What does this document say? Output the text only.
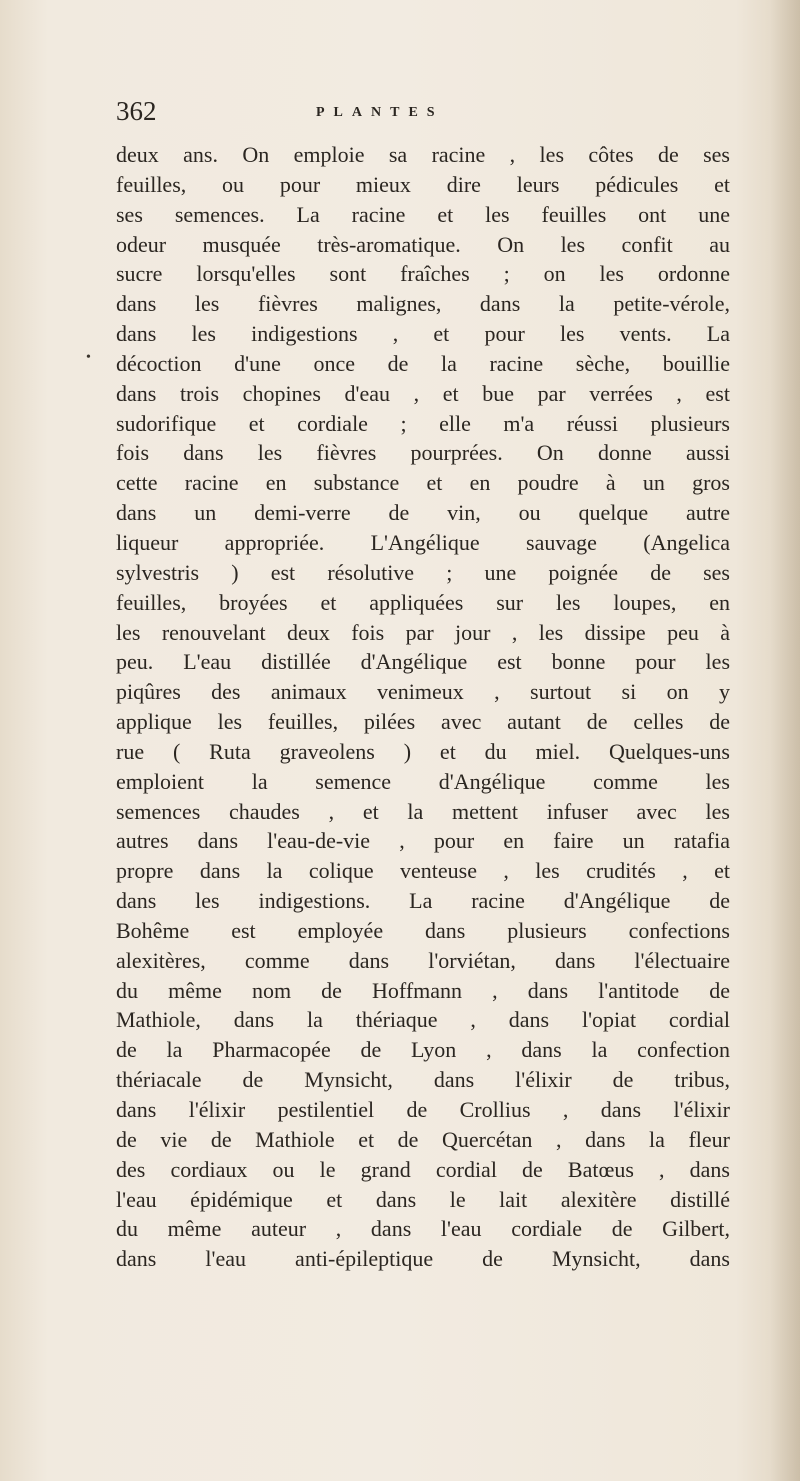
362	PLANTES
•
deux ans. On emploie sa racine , les côtes de ses
feuilles, ou pour mieux dire leurs pédicules et
ses semences. La racine et les feuilles ont une
odeur musquée très-aromatique. On les confit au
sucre lorsqu'elles sont fraîches ; on les ordonne
dans les fièvres malignes, dans la petite-vérole,
dans les indigestions , et pour les vents. La
décoction d'une once de la racine sèche, bouillie
dans trois chopines d'eau , et bue par verrées , est
sudorifique et cordiale ; elle m'a réussi plusieurs
fois dans les fièvres pourprées. On donne aussi
cette racine en substance et en poudre à un gros
dans un demi-verre de vin, ou quelque autre
liqueur appropriée. L'Angélique sauvage (Angelica
sylvestris ) est résolutive ; une poignée de ses
feuilles, broyées et appliquées sur les loupes, en
les renouvelant deux fois par jour , les dissipe peu à
peu. L'eau distillée d'Angélique est bonne pour les
piqûres des animaux venimeux , surtout si on y
applique les feuilles, pilées avec autant de celles de
rue ( Ruta graveolens ) et du miel. Quelques-uns
emploient la semence d'Angélique comme les
semences chaudes , et la mettent infuser avec les
autres dans l'eau-de-vie , pour en faire un ratafia
propre dans la colique venteuse , les crudités , et
dans les indigestions. La racine d'Angélique de
Bohême est employée dans plusieurs confections
alexitères, comme dans l'orviétan, dans l'électuaire
du même nom de Hoffmann , dans l'antitode de
Mathiole, dans la thériaque , dans l'opiat cordial
de la Pharmacopée de Lyon , dans la confection
thériacale de Mynsicht, dans l'élixir de tribus,
dans l'élixir pestilentiel de Crollius , dans l'élixir
de vie de Mathiole et de Quercétan , dans la fleur
des cordiaux ou le grand cordial de Batœus , dans
l'eau épidémique et dans le lait alexitère distillé
du même auteur , dans l'eau cordiale de Gilbert,
dans l'eau anti-épileptique de Mynsicht, dans
